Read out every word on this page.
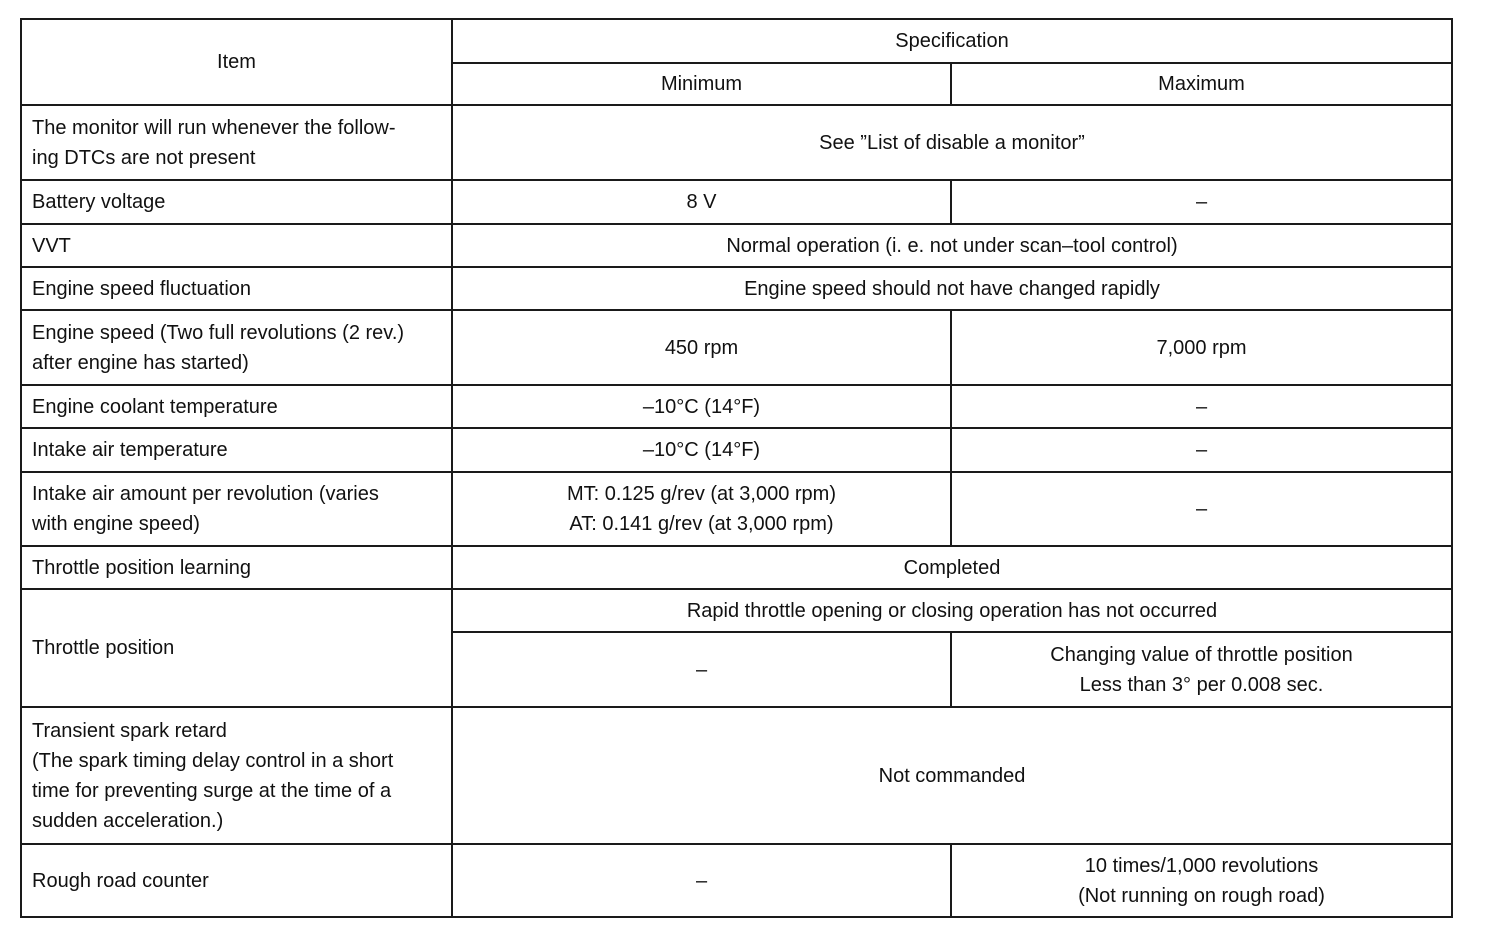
Item	Specification	
	Minimum	Maximum

The monitor will run whenever the follow-
ing DTCs are not present	See ”List of disable a monitor”	
Battery voltage	8 V	–
VVT	Normal operation (i. e. not under scan–tool control)	
Engine speed fluctuation	Engine speed should not have changed rapidly	

Engine speed (Two full revolutions (2 rev.)
after engine has started)	450 rpm	7,000 rpm
Engine coolant temperature	–10°C (14°F)	–
Intake air temperature	–10°C (14°F)	–

Intake air amount per revolution (varies
with engine speed)	MT: 0.125 g/rev (at 3,000 rpm)
AT: 0.141 g/rev (at 3,000 rpm)	–
Throttle position learning	Completed	
Throttle position	Rapid throttle opening or closing operation has not occurred	
	–	Changing value of throttle position
Less than 3° per 0.008 sec.

Transient spark retard
(The spark timing delay control in a short
time for preventing surge at the time of a
sudden acceleration.)	Not commanded	
Rough road counter	–	10 times/1,000 revolutions
(Not running on rough road)
